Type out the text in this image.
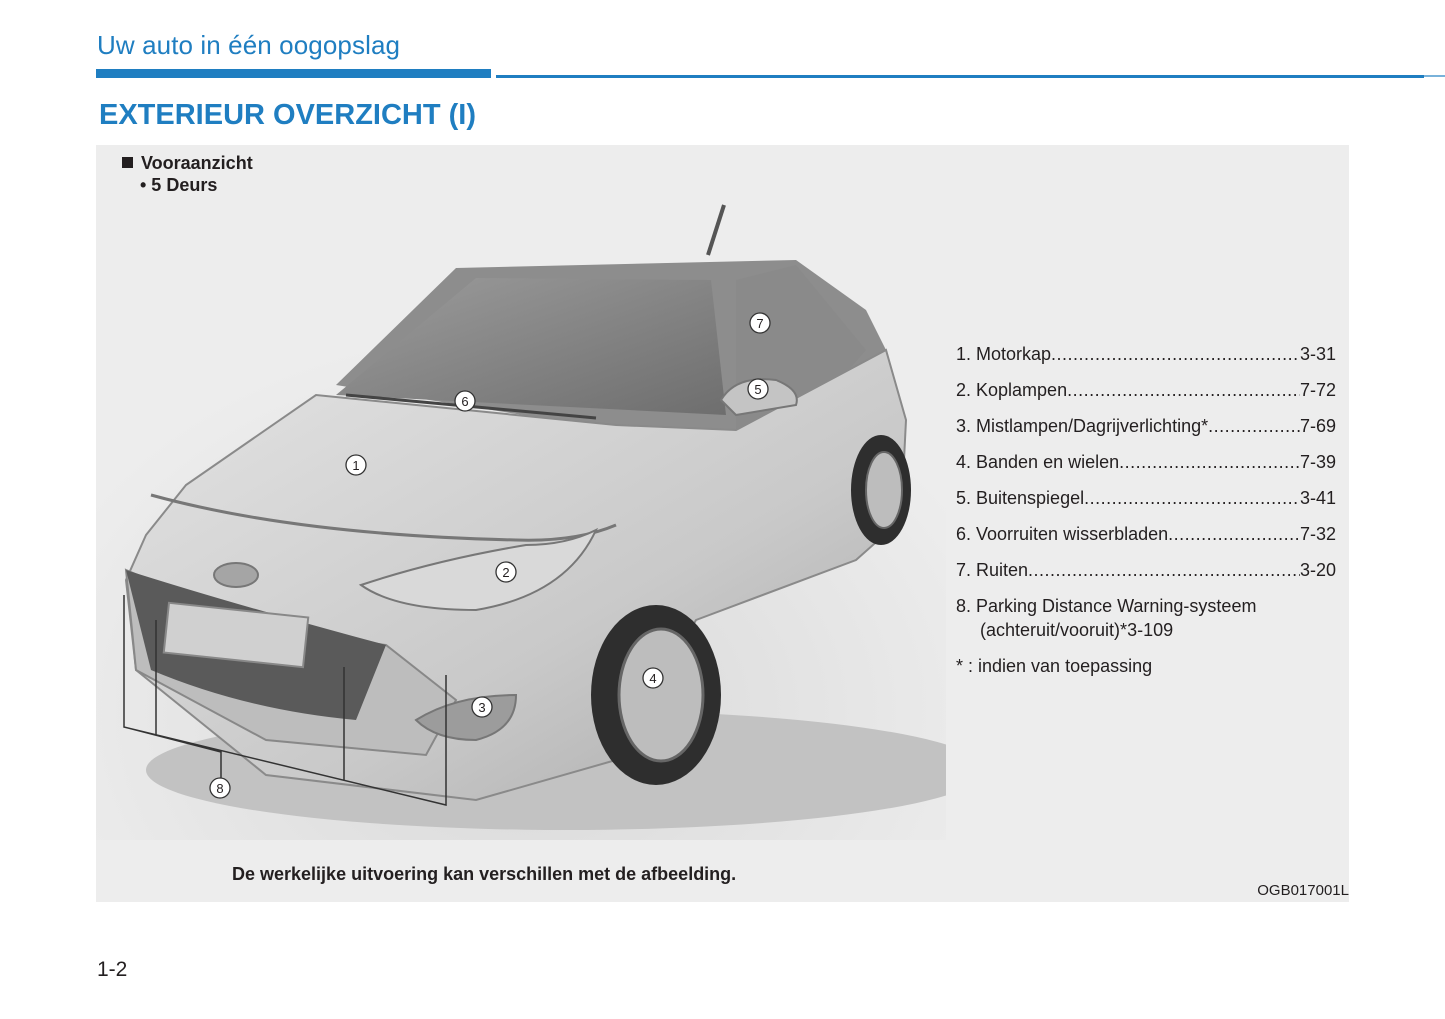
Uw auto in één oogopslag
EXTERIEUR OVERZICHT (I)
Vooraanzicht
• 5 Deurs
1
2
3
4
5
6
7
8
1. Motorkap .....	3-31
2. Koplampen .....	7-72
3. Mistlampen/Dagrijverlichting* .....	7-69
4. Banden en wielen .....	7-39
5. Buitenspiegel .....	3-41
6. Voorruiten wisserbladen .....	7-32
7. Ruiten .....	3-20
8. Parking Distance Warning-systeem
(achteruit/vooruit)* 3-109
* : indien van toepassing
De werkelijke uitvoering kan verschillen met de afbeelding.
OGB017001L
1-2
